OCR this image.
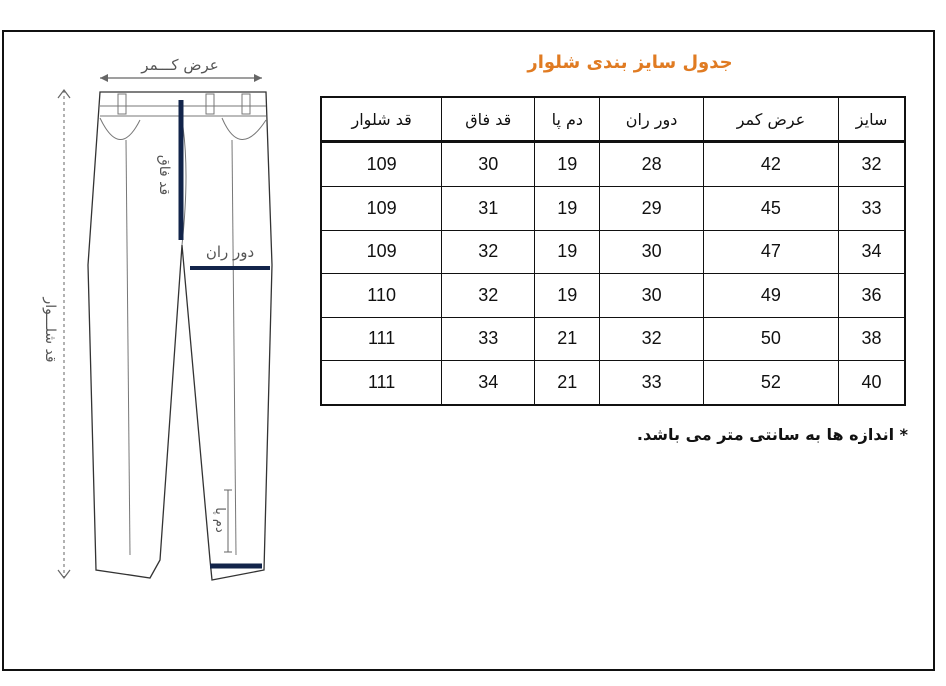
عرض کـــمر
قد شلـــوار
قد فاق
دور ران
دم پا
جدول سایز بندی شلوار
سایز	عرض کمر	دور ران	دم پا	قد فاق	قد شلوار
32	42	28	19	30	109
33	45	29	19	31	109
34	47	30	19	32	109
36	49	30	19	32	110
38	50	32	21	33	111
40	52	33	21	34	111
* اندازه ها به سانتی متر می باشد.
